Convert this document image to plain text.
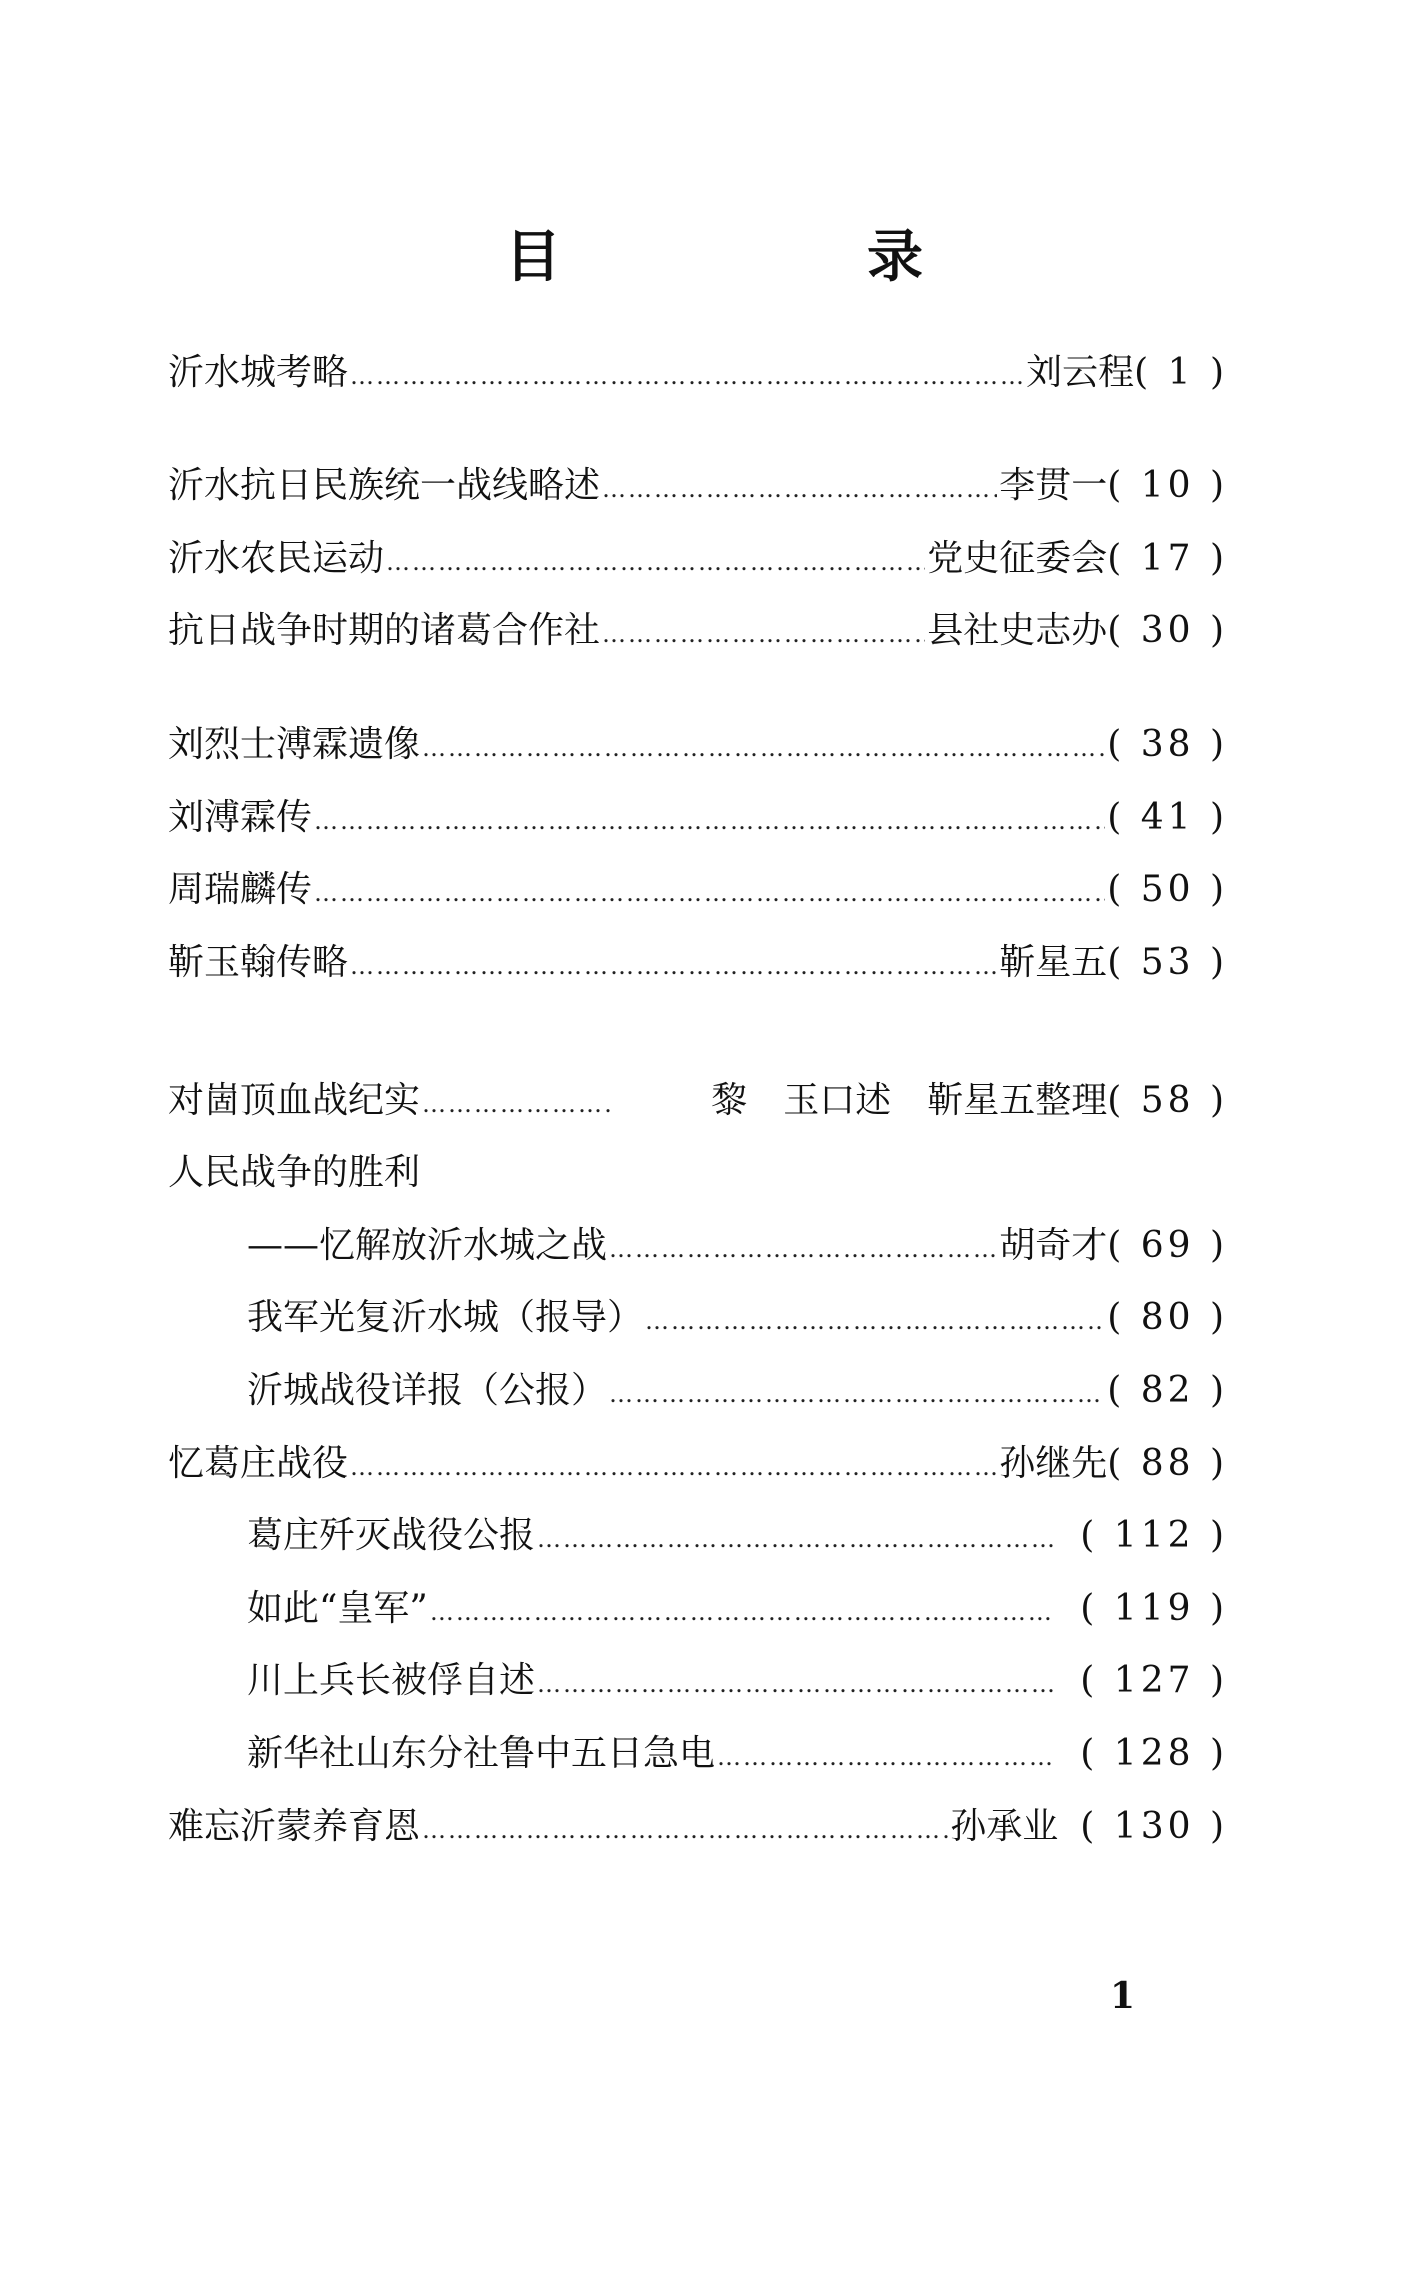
目　录
沂水城考略 ………………………………………………………………………………………………………………………………………………………………………………………………	刘云程 ( 1 )
沂水抗日民族统一战线略述 ………………………………………………………………………………………………………………………………………………………………………………………………	李贯一 ( 10 )
沂水农民运动 ………………………………………………………………………………………………………………………………………………………………………………………………	党史征委会 ( 17 )
抗日战争时期的诸葛合作社 ………………………………………………………………………………………………………………………………………………………………………………………………	县社史志办 ( 30 )
刘烈士溥霖遗像 ………………………………………………………………………………………………………………………………………………………………………………………………	( 38 )
刘溥霖传 ………………………………………………………………………………………………………………………………………………………………………………………………	( 41 )
周瑞麟传 ………………………………………………………………………………………………………………………………………………………………………………………………	( 50 )
靳玉翰传略 ………………………………………………………………………………………………………………………………………………………………………………………………	靳星五 ( 53 )
对崮顶血战纪实 ………………………………………………………………………………………………………………………………………………………………………………………………	黎　玉口述　靳星五整理 ( 58 )
人民战争的胜利
——忆解放沂水城之战 ………………………………………………………………………………………………………………………………………………………………………………………………	胡奇才 ( 69 )
我军光复沂水城（报导） ………………………………………………………………………………………………………………………………………………………………………………………………	( 80 )
沂城战役详报（公报） ………………………………………………………………………………………………………………………………………………………………………………………………	( 82 )
忆葛庄战役 ………………………………………………………………………………………………………………………………………………………………………………………………	孙继先 ( 88 )
葛庄歼灭战役公报 ………………………………………………………………………………………………………………………………………………………………………………………………	( 112 )
如此“皇军” ………………………………………………………………………………………………………………………………………………………………………………………………	( 119 )
川上兵长被俘自述 ………………………………………………………………………………………………………………………………………………………………………………………………	( 127 )
新华社山东分社鲁中五日急电 ………………………………………………………………………………………………………………………………………………………………………………………………	( 128 )
难忘沂蒙养育恩 ………………………………………………………………………………………………………………………………………………………………………………………………	孙承业 ( 130 )
1
